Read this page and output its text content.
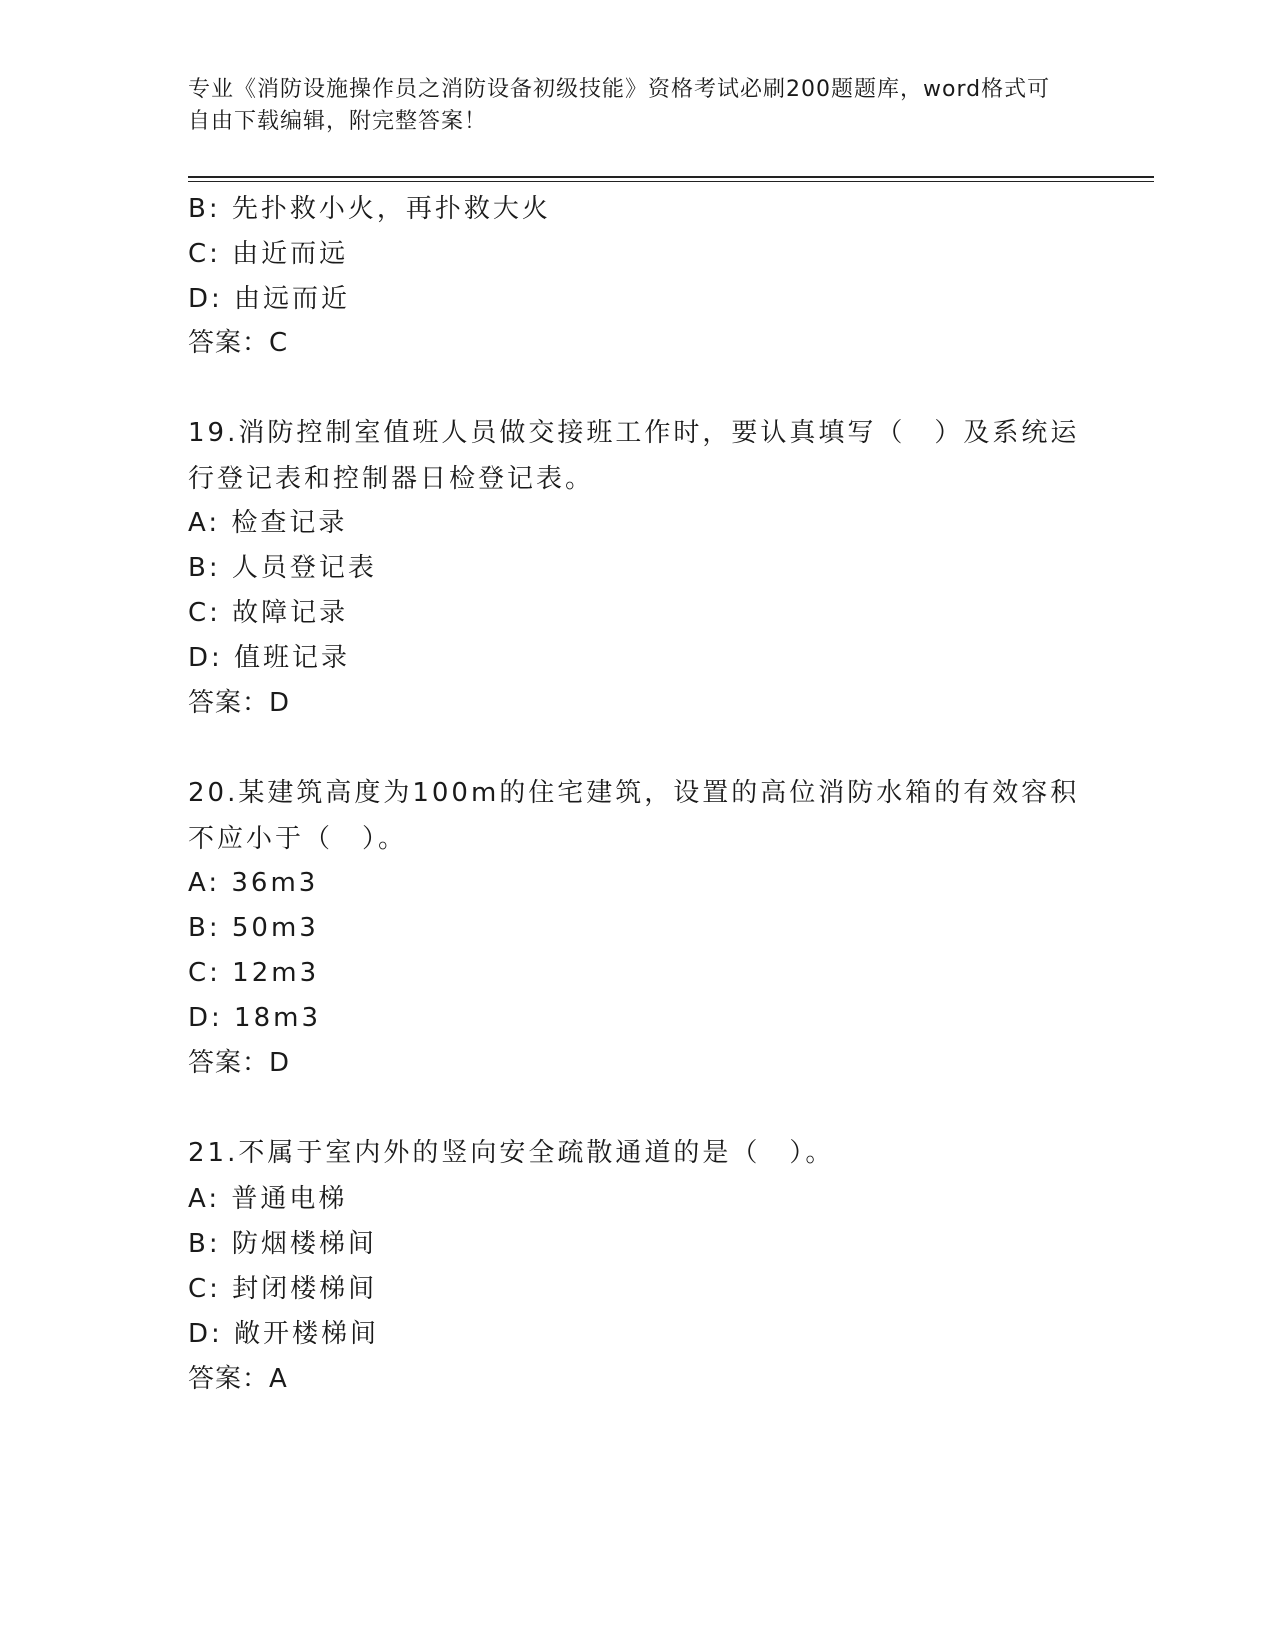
专业《消防设施操作员之消防设备初级技能》资格考试必刷200题题库，word格式可自由下载编辑，附完整答案！
B: 先扑救小火，再扑救大火
C: 由近而远
D: 由远而近
答案：C
19.消防控制室值班人员做交接班工作时，要认真填写（　）及系统运行登记表和控制器日检登记表。
A: 检查记录
B: 人员登记表
C: 故障记录
D: 值班记录
答案：D
20.某建筑高度为100m的住宅建筑，设置的高位消防水箱的有效容积不应小于（　）。
A: 36m3
B: 50m3
C: 12m3
D: 18m3
答案：D
21.不属于室内外的竖向安全疏散通道的是（　）。
A: 普通电梯
B: 防烟楼梯间
C: 封闭楼梯间
D: 敞开楼梯间
答案：A
